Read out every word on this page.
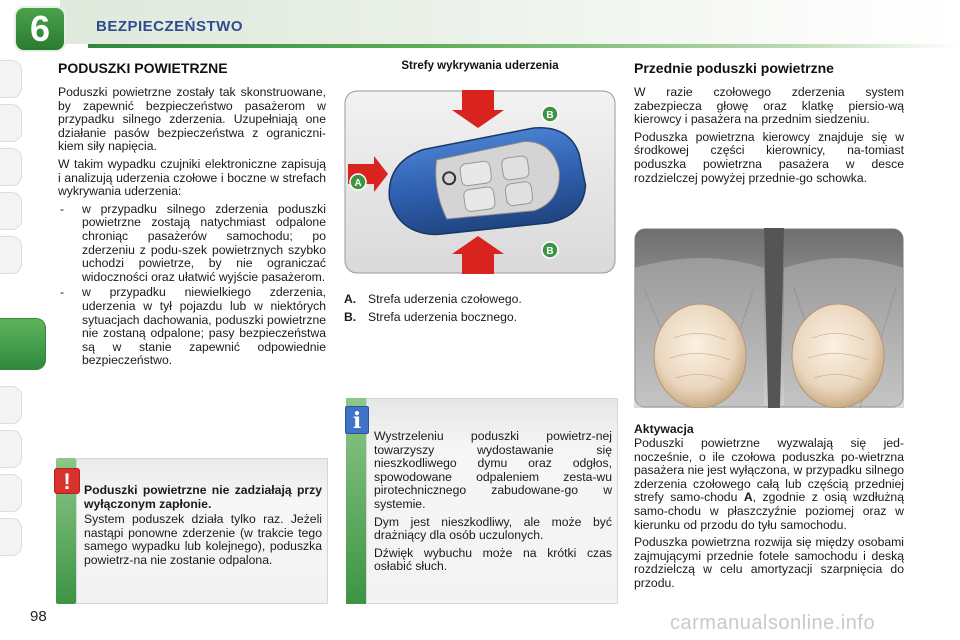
6	BEZPIECZEŃSTWO
PODUSZKI POWIETRZNE

Poduszki powietrzne zostały tak skonstruowane, by zapewnić bezpieczeństwo pasażerom w przypadku silnego zderzenia. Uzupełniają one działanie pasów bezpieczeństwa z ograniczni-kiem siły napięcia.

W takim wypadku czujniki elektroniczne zapisują i analizują uderzenia czołowe i boczne w strefach wykrywania uderzenia:

-	w przypadku silnego zderzenia poduszki powietrzne zostają natychmiast odpalone chroniąc pasażerów samochodu; po zderzeniu z podu-szek powietrznych szybko uchodzi powietrze, by nie ograniczać widoczności oraz ułatwić wyjście pasażerom.
-	w przypadku niewielkiego zderzenia, uderzenia w tył pojazdu lub w niektórych sytuacjach dachowania, poduszki powietrzne nie zostaną odpalone; pasy bezpieczeństwa są w stanie zapewnić odpowiednie bezpieczeństwo.
!	Poduszki powietrzne nie zadziałają przy wyłączonym zapłonie.

System poduszek działa tylko raz. Jeżeli nastąpi ponowne zderzenie (w trakcie tego samego wypadku lub kolejnego), poduszka powietrz-na nie zostanie odpalona.

Strefy wykrywania uderzenia
A
B
B
A. Strefa uderzenia czołowego.
B. Strefa uderzenia bocznego.
i

Wystrzeleniu poduszki powietrz-nej towarzyszy wydostawanie się nieszkodliwego dymu oraz odgłos, spowodowane odpaleniem zesta-wu pirotechnicznego zabudowane-go w systemie.

Dym jest nieszkodliwy, ale może być drażniący dla osób uczulonych.

Dźwięk wybuchu może na krótki czas osłabić słuch.

Przednie poduszki powietrzne

W razie czołowego zderzenia system zabezpiecza głowę oraz klatkę piersio-wą kierowcy i pasażera na przednim siedzeniu.

Poduszka powietrzna kierowcy znajduje się w środkowej części kierownicy, na-tomiast poduszka powietrzna pasażera w desce rozdzielczej powyżej przednie-go schowka.

Aktywacja

Poduszki powietrzne wyzwalają się jed-nocześnie, o ile czołowa poduszka po-wietrzna pasażera nie jest wyłączona, w przypadku silnego zderzenia czołowego całą lub częścią przedniej strefy samo-chodu A, zgodnie z osią wzdłużną samo-chodu w płaszczyźnie poziomej oraz w kierunku od przodu do tyłu samochodu.

Poduszka powietrzna rozwija się między osobami zajmującymi przednie fotele samochodu i deską rozdzielczą w celu amortyzacji szarpnięcia do przodu.

98	carmanualsonline.info
